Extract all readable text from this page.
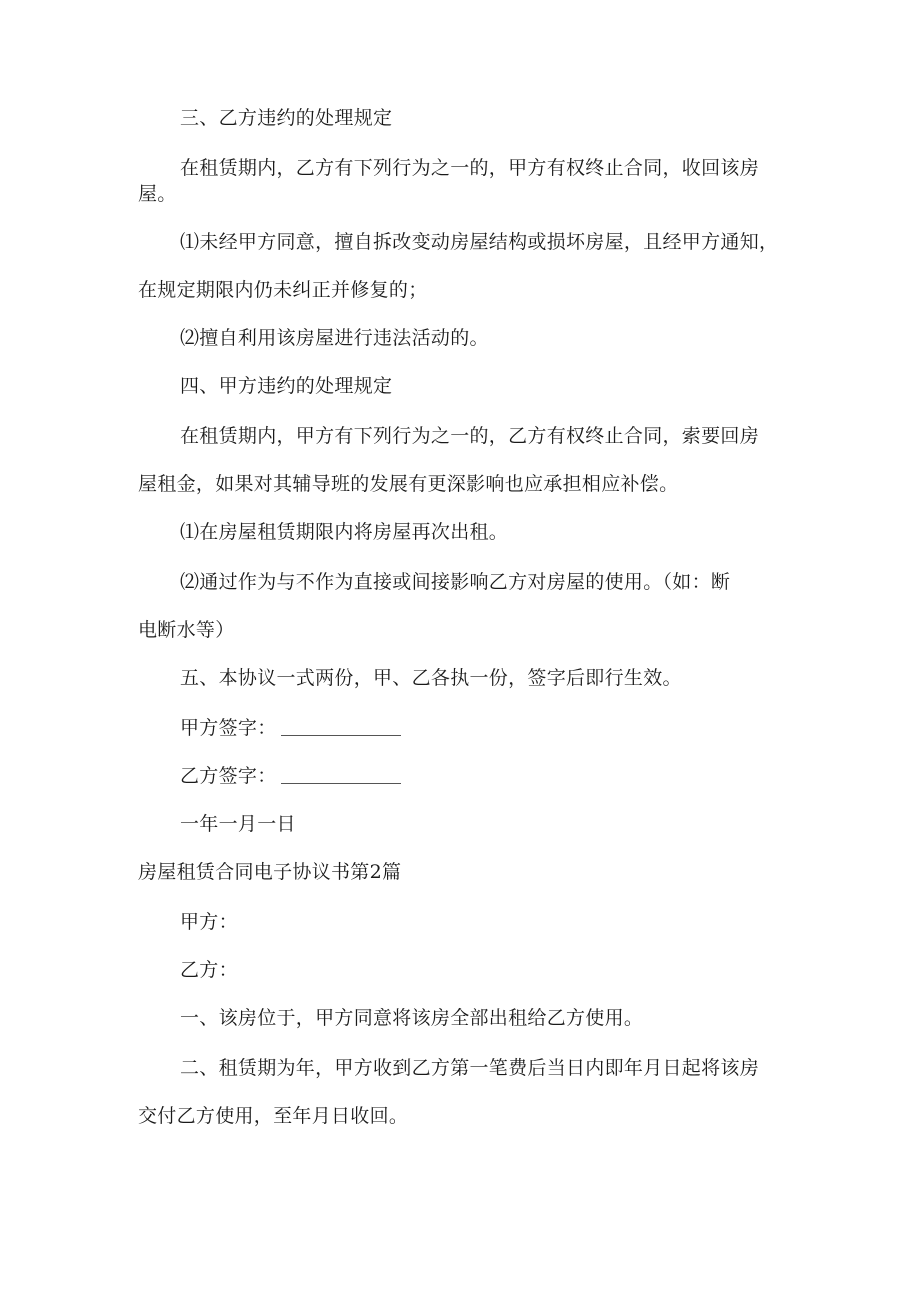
三、乙方违约的处理规定
在租赁期内，乙方有下列行为之一的，甲方有权终止合同，收回该房
屋。
⑴未经甲方同意，擅自拆改变动房屋结构或损坏房屋，且经甲方通知，
在规定期限内仍未纠正并修复的；
⑵擅自利用该房屋进行违法活动的。
四、甲方违约的处理规定
在租赁期内，甲方有下列行为之一的，乙方有权终止合同，索要回房
屋租金，如果对其辅导班的发展有更深影响也应承担相应补偿。
⑴在房屋租赁期限内将房屋再次出租。
⑵通过作为与不作为直接或间接影响乙方对房屋的使用。（如：断
电断水等）
五、本协议一式两份，甲、乙各执一份，签字后即行生效。
甲方签字：
乙方签字：
一年一月一日
房屋租赁合同电子协议书第2篇
甲方：
乙方：
一、该房位于，甲方同意将该房全部出租给乙方使用。
二、租赁期为年，甲方收到乙方第一笔费后当日内即年月日起将该房
交付乙方使用，至年月日收回。
